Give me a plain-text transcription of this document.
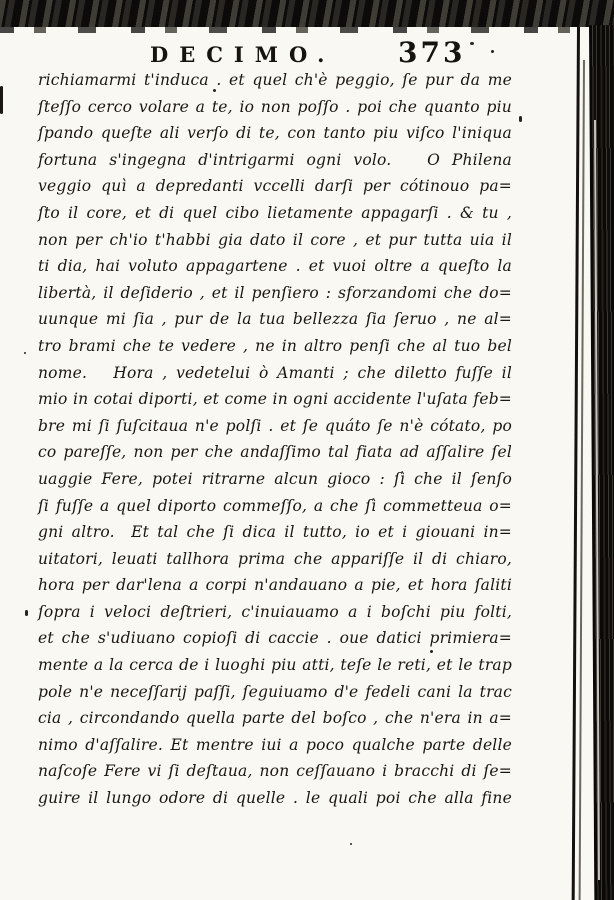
DECIMO. 373
richiamarmi t'induca . et quel ch'è peggio, ſe pur da me
ſteſſo cerco volare a te, io non poſſo . poi che quanto piu
ſpando queſte ali verſo di te, con tanto piu viſco l'iniqua
fortuna s'ingegna d'intrigarmi ogni volo.   O Philena
veggio quì a depredanti vccelli darſi per cótinouo pa=
ſto il core, et di quel cibo lietamente appagarſi . & tu ,
non per ch'io t'habbi gia dato il core , et pur tutta uia il
ti dia, hai voluto appagartene . et vuoi oltre a queſto la
libertà, il deſiderio , et il penſiero : sforzandomi che do=
uunque mi ſia , pur de la tua bellezza ſia ſeruo , ne al=
tro brami che te vedere , ne in altro penſi che al tuo bel
nome.   Hora , vedetelui ò Amanti ; che diletto fuſſe il
mio in cotai diporti, et come in ogni accidente l'uſata feb=
bre mi ſi ſuſcitaua n'e polſi . et ſe quáto ſe n'è cótato, po
co pareſſe, non per che andaſſimo tal fiata ad aſſalire ſel
uaggie Fere, potei ritrarne alcun gioco : ſì che il ſenſo
ſi fuſſe a quel diporto commeſſo, a che ſì commetteua o=
gni altro.  Et tal che ſi dica il tutto, io et i giouani in=
uitatori, leuati tallhora prima che appariſſe il di chiaro,
hora per dar'lena a corpi n'andauano a pie, et hora ſaliti
ſopra i veloci deſtrieri, c'inuiauamo a i boſchi piu folti,
et che s'udiuano copioſi di caccie . oue datici primiera=
mente a la cerca de i luoghi piu atti, teſe le reti, et le trap
pole n'e neceſſarij paſſi, ſeguiuamo d'e fedeli cani la trac
cia , circondando quella parte del boſco , che n'era in a=
nimo d'aſſalire. Et mentre iui a poco qualche parte delle
naſcoſe Fere vi ſi deſtaua, non ceſſauano i bracchi di ſe=
guire il lungo odore di quelle . le quali poi che alla fine
